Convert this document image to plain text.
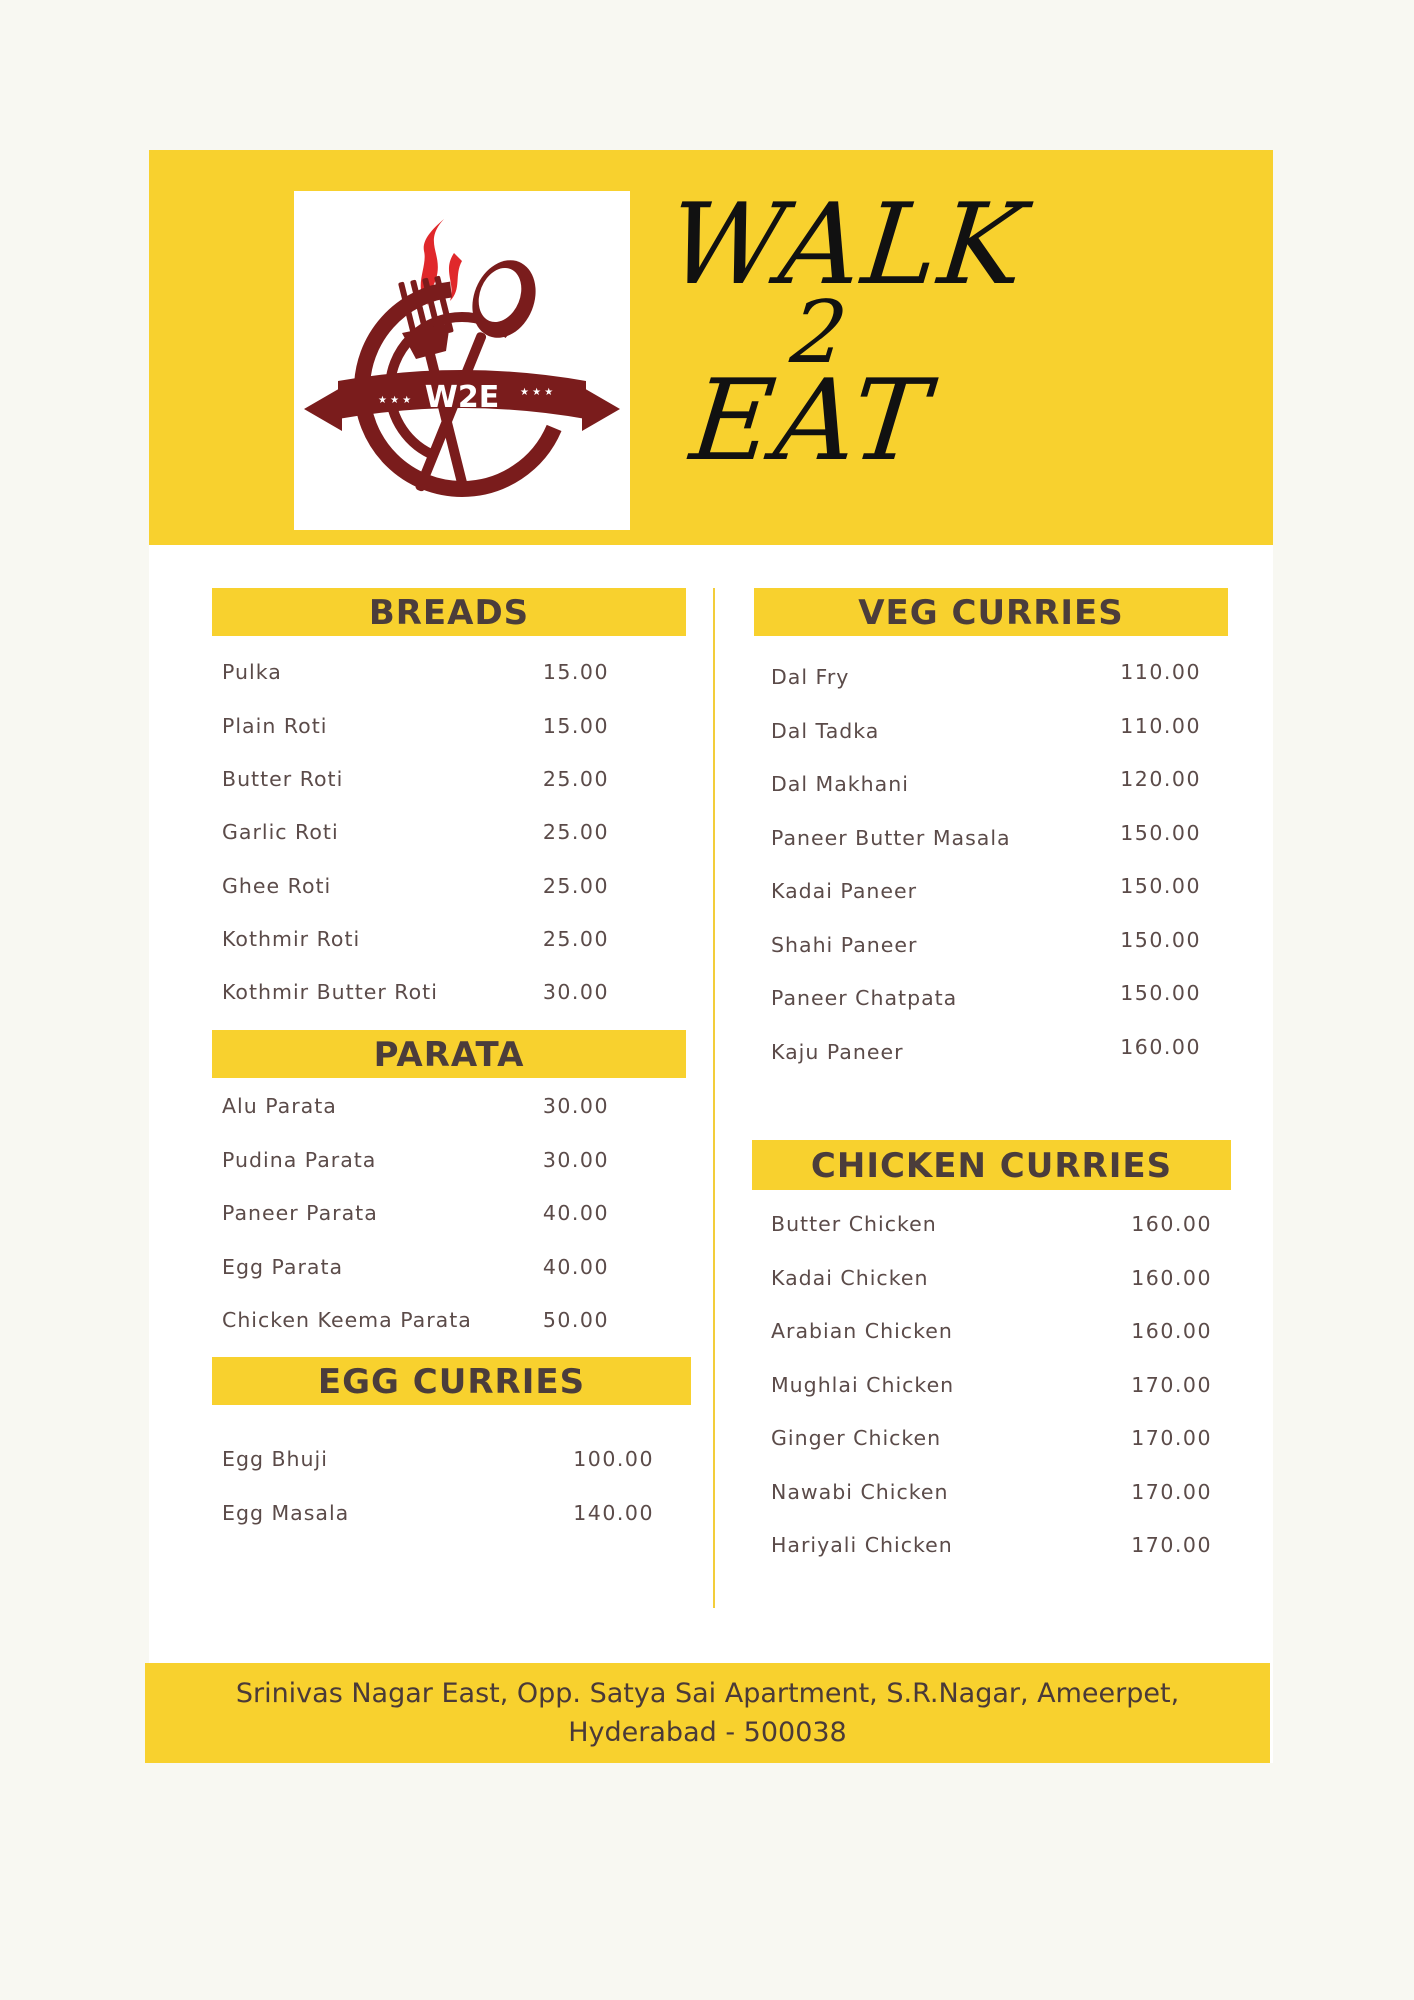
W2E
★ ★ ★
★ ★ ★
WALK
2
EAT
BREADS
Pulka	15.00
Plain Roti	15.00
Butter Roti	25.00
Garlic Roti	25.00
Ghee Roti	25.00
Kothmir Roti	25.00
Kothmir Butter Roti	30.00
PARATA
Alu Parata	30.00
Pudina Parata	30.00
Paneer Parata	40.00
Egg Parata	40.00
Chicken Keema Parata	50.00
EGG CURRIES
Egg Bhuji	100.00
Egg Masala	140.00
VEG CURRIES
Dal Fry	110.00
Dal Tadka	110.00
Dal Makhani	120.00
Paneer Butter Masala	150.00
Kadai Paneer	150.00
Shahi Paneer	150.00
Paneer Chatpata	150.00
Kaju Paneer	160.00
CHICKEN CURRIES
Butter Chicken	160.00
Kadai Chicken	160.00
Arabian Chicken	160.00
Mughlai Chicken	170.00
Ginger Chicken	170.00
Nawabi Chicken	170.00
Hariyali Chicken	170.00
Srinivas Nagar East, Opp. Satya Sai Apartment, S.R.Nagar, Ameerpet,
Hyderabad - 500038
